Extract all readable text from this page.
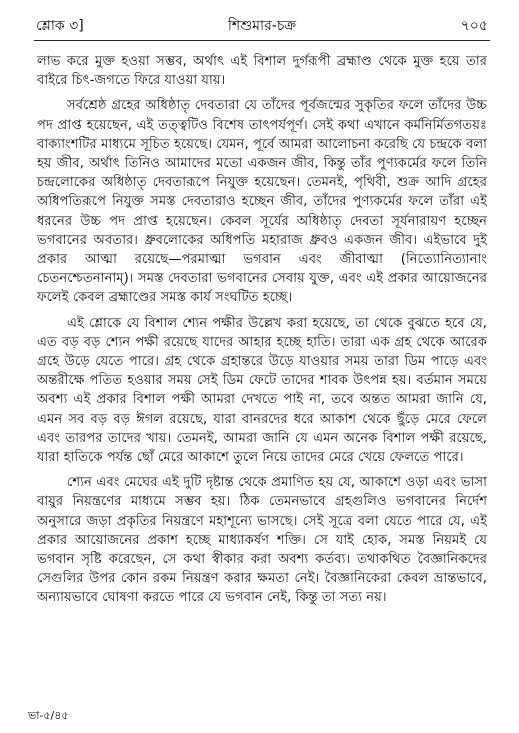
শ্লোক ৩]	শিশুমার-চক্র	৭০৫

লাভ করে মুক্ত হওয়া সম্ভব, অর্থাৎ এই বিশাল দুর্গরূপী ব্রহ্মাণ্ড থেকে মুক্ত হয়ে তার বাইরে চিৎ-জগতে ফিরে যাওয়া যায়।

সর্বশ্রেষ্ঠ গ্রহের অধিষ্ঠাতৃ দেবতারা যে তাঁদের পূর্বজন্মের সুকৃতির ফলে তাঁদের উচ্চ পদ প্রাপ্ত হয়েছেন, এই তত্ত্বটিও বিশেষ তাৎপর্যপূর্ণ। সেই কথা এখানে কর্মনির্মিতগতয়ঃ বাক্যাংশটির মাধ্যমে সূচিত হয়েছে। যেমন, পূর্বে আমরা আলোচনা করেছি যে চন্দ্রকে বলা হয় জীব, অর্থাৎ তিনিও আমাদের মতো একজন জীব, কিন্তু তাঁর পুণ্যকর্মের ফলে তিনি চন্দ্রলোকের অধিষ্ঠাতৃ দেবতারূপে নিযুক্ত হয়েছেন। তেমনই, পৃথিবী, শুক্র আদি গ্রহের অধিপতিরূপে নিযুক্ত সমস্ত দেবতারাও হচ্ছেন জীব, তাঁদের পুণ্যকর্মের ফলে তাঁরা এই ধরনের উচ্চ পদ প্রাপ্ত হয়েছেন। কেবল সূর্যের অধিষ্ঠাতৃ দেবতা সূর্যনারায়ণ হচ্ছেন ভগবানের অবতার। ধ্রুবলোকের অধিপতি মহারাজ ধ্রুবও একজন জীব। এইভাবে দুই প্রকার আত্মা রয়েছে—পরমাত্মা ভগবান এবং জীবাত্মা (নিত্যোনিত্যানাং চেতনশ্চেতনানাম্)। সমস্ত দেবতারা ভগবানের সেবায় যুক্ত, এবং এই প্রকার আয়োজনের ফলেই কেবল ব্রহ্মাণ্ডের সমস্ত কার্য সংঘটিত হচ্ছে।

এই শ্লোকে যে বিশাল শ্যেন পক্ষীর উল্লেখ করা হয়েছে, তা থেকে বুঝতে হবে যে, এত বড় বড় শ্যেন পক্ষী রয়েছে যাদের আহার হচ্ছে হাতি। তারা এক গ্রহ থেকে আরেক গ্রহে উড়ে যেতে পারে। গ্রহ থেকে গ্রহান্তরে উড়ে যাওয়ার সময় তারা ডিম পাড়ে এবং অন্তরীক্ষে পতিত হওয়ার সময় সেই ডিম ফেটে তাদের শাবক উৎপন্ন হয়। বর্তমান সময়ে অবশ্য এই প্রকার বিশাল পক্ষী আমরা দেখতে পাই না, তবে অন্তত আমরা জানি যে, এমন সব বড় বড় ঈগল রয়েছে, যারা বানরদের ধরে আকাশ থেকে ছুঁড়ে মেরে ফেলে এবং তারপর তাদের খায়। তেমনই, আমরা জানি যে এমন অনেক বিশাল পক্ষী রয়েছে, যারা হাতিকে পর্যন্ত ছোঁ মেরে আকাশে তুলে নিয়ে তাদের মেরে খেয়ে ফেলতে পারে।

শ্যেন এবং মেঘের এই দুটি দৃষ্টান্ত থেকে প্রমাণিত হয় যে, আকাশে ওড়া এবং ভাসা বায়ুর নিয়ন্ত্রণের মাধ্যমে সম্ভব হয়। ঠিক তেমনভাবে গ্রহগুলিও ভগবানের নির্দেশ অনুসারে জড়া প্রকৃতির নিয়ন্ত্রণে মহাশূন্যে ভাসছে। সেই সূত্রে বলা যেতে পারে যে, এই প্রকার আয়োজনের প্রকাশ হচ্ছে মাধ্যাকর্ষণ শক্তি। সে যাই হোক, সমস্ত নিয়মই যে ভগবান সৃষ্টি করেছেন, সে কথা স্বীকার করা অবশ্য কর্তব্য। তথাকথিত বৈজ্ঞানিকদের সেগুলির উপর কোন রকম নিয়ন্ত্রণ করার ক্ষমতা নেই। বৈজ্ঞানিকেরা কেবল ভ্রান্তভাবে, অন্যায়ভাবে ঘোষণা করতে পারে যে ভগবান নেই, কিন্তু তা সত্য নয়।

ভা-৫/৪৫
